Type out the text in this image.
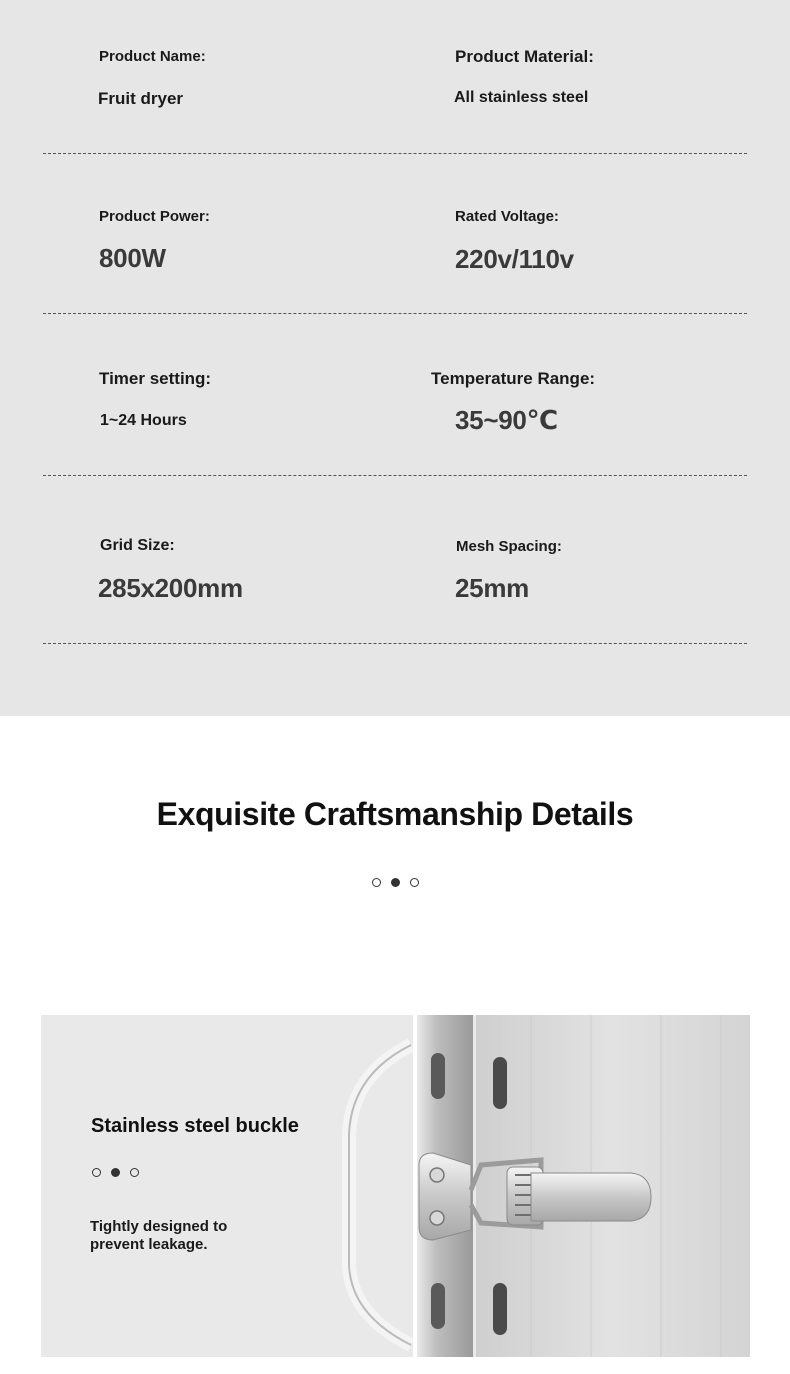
Product Name:
Fruit dryer
Product Material:
All stainless steel
Product Power:
800W
Rated Voltage:
220v/110v
Timer setting:
1~24 Hours
Temperature Range:
35~90℃
Grid Size:
285x200mm
Mesh Spacing:
25mm
Exquisite Craftsmanship Details
Stainless steel buckle
Tightly designed to prevent leakage.
